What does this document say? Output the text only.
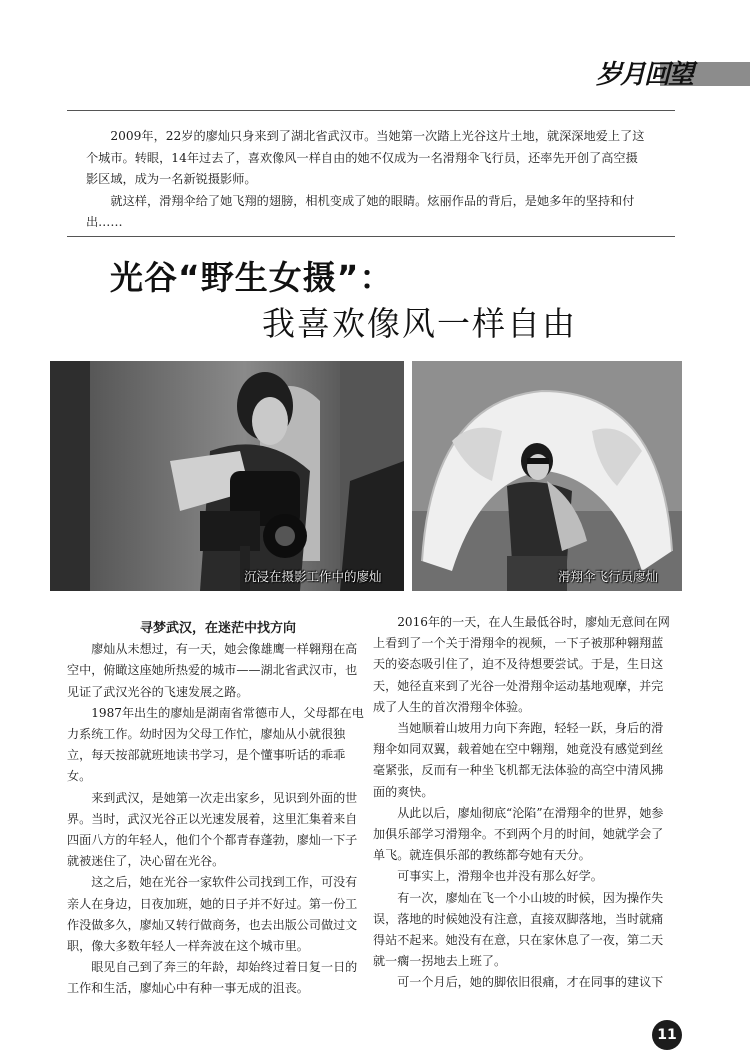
岁月回望

2009年，22岁的廖灿只身来到了湖北省武汉市。当她第一次踏上光谷这片土地，就深深地爱上了这个城市。转眼，14年过去了，喜欢像风一样自由的她不仅成为一名滑翔伞飞行员，还率先开创了高空摄影区域，成为一名新锐摄影师。

就这样，滑翔伞给了她飞翔的翅膀，相机变成了她的眼睛。炫丽作品的背后，是她多年的坚持和付出……

光谷“野生女摄”：
我喜欢像风一样自由
沉浸在摄影工作中的廖灿	滑翔伞飞行员廖灿

寻梦武汉，在迷茫中找方向

廖灿从未想过，有一天，她会像雄鹰一样翱翔在高空中，俯瞰这座她所热爱的城市——湖北省武汉市，也见证了武汉光谷的飞速发展之路。

1987年出生的廖灿是湖南省常德市人，父母都在电力系统工作。幼时因为父母工作忙，廖灿从小就很独立，每天按部就班地读书学习，是个懂事听话的乖乖女。

来到武汉，是她第一次走出家乡，见识到外面的世界。当时，武汉光谷正以光速发展着，这里汇集着来自四面八方的年轻人，他们个个都青春蓬勃，廖灿一下子就被迷住了，决心留在光谷。

这之后，她在光谷一家软件公司找到工作，可没有亲人在身边，日夜加班，她的日子并不好过。第一份工作没做多久，廖灿又转行做商务，也去出版公司做过文职，像大多数年轻人一样奔波在这个城市里。

眼见自己到了奔三的年龄，却始终过着日复一日的工作和生活，廖灿心中有种一事无成的沮丧。

2016年的一天，在人生最低谷时，廖灿无意间在网上看到了一个关于滑翔伞的视频，一下子被那种翱翔蓝天的姿态吸引住了，迫不及待想要尝试。于是，生日这天，她径直来到了光谷一处滑翔伞运动基地观摩，并完成了人生的首次滑翔伞体验。

当她顺着山坡用力向下奔跑，轻轻一跃，身后的滑翔伞如同双翼，载着她在空中翱翔，她竟没有感觉到丝毫紧张，反而有一种坐飞机都无法体验的高空中清风拂面的爽快。

从此以后，廖灿彻底“沦陷”在滑翔伞的世界，她参加俱乐部学习滑翔伞。不到两个月的时间，她就学会了单飞。就连俱乐部的教练都夸她有天分。

可事实上，滑翔伞也并没有那么好学。

有一次，廖灿在飞一个小山坡的时候，因为操作失误，落地的时候她没有注意，直接双脚落地，当时就痛得站不起来。她没有在意，只在家休息了一夜，第二天就一瘸一拐地去上班了。

可一个月后，她的脚依旧很痛，才在同事的建议下

11
